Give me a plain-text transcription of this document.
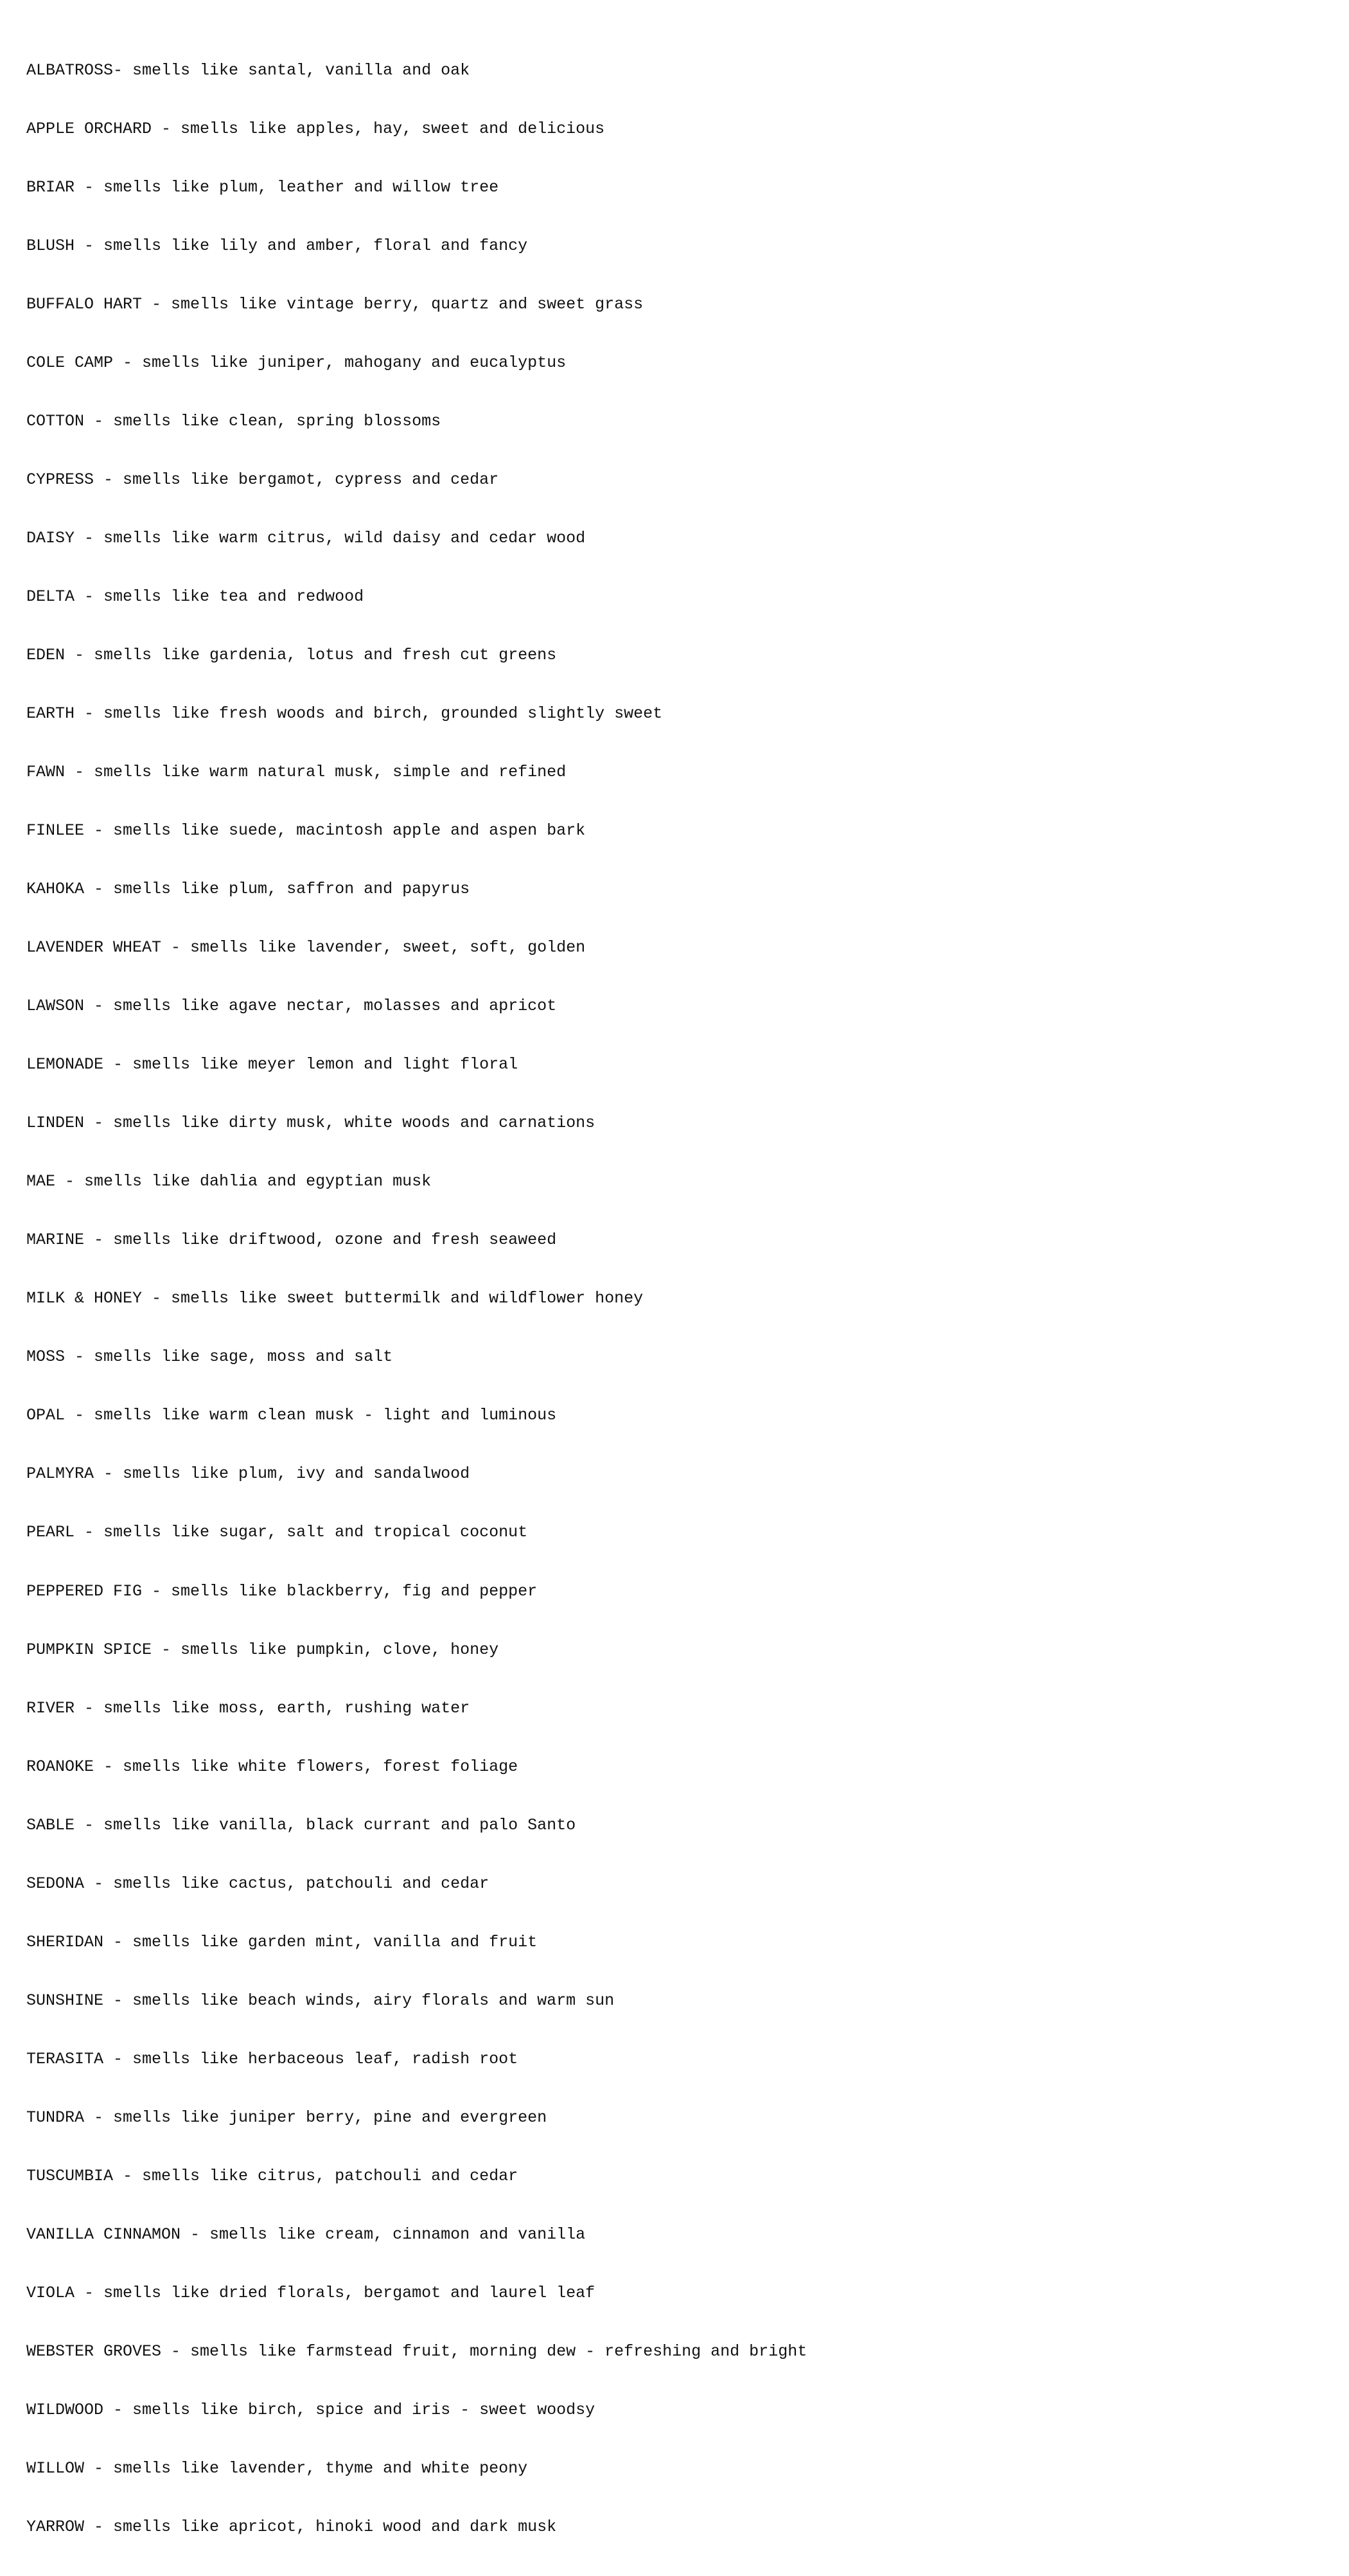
ALBATROSS- smells like santal, vanilla and oak

APPLE ORCHARD - smells like apples, hay, sweet and delicious

BRIAR - smells like plum, leather and willow tree

BLUSH - smells like lily and amber, floral and fancy

BUFFALO HART - smells like vintage berry, quartz and sweet grass

COLE CAMP - smells like juniper, mahogany and eucalyptus

COTTON - smells like clean, spring blossoms

CYPRESS - smells like bergamot, cypress and cedar

DAISY - smells like warm citrus, wild daisy and cedar wood

DELTA - smells like tea and redwood

EDEN - smells like gardenia, lotus and fresh cut greens

EARTH - smells like fresh woods and birch, grounded slightly sweet

FAWN - smells like warm natural musk, simple and refined

FINLEE - smells like suede, macintosh apple and aspen bark

KAHOKA - smells like plum, saffron and papyrus

LAVENDER WHEAT - smells like lavender, sweet, soft, golden

LAWSON - smells like agave nectar, molasses and apricot

LEMONADE - smells like meyer lemon and light floral

LINDEN - smells like dirty musk, white woods and carnations

MAE - smells like dahlia and egyptian musk

MARINE - smells like driftwood, ozone and fresh seaweed

MILK & HONEY - smells like sweet buttermilk and wildflower honey

MOSS - smells like sage, moss and salt

OPAL - smells like warm clean musk - light and luminous

PALMYRA - smells like plum, ivy and sandalwood

PEARL - smells like sugar, salt and tropical coconut

PEPPERED FIG - smells like blackberry, fig and pepper

PUMPKIN SPICE - smells like pumpkin, clove, honey

RIVER - smells like moss, earth, rushing water

ROANOKE - smells like white flowers, forest foliage

SABLE - smells like vanilla, black currant and palo Santo

SEDONA - smells like cactus, patchouli and cedar

SHERIDAN - smells like garden mint, vanilla and fruit

SUNSHINE - smells like beach winds, airy florals and warm sun

TERASITA - smells like herbaceous leaf, radish root

TUNDRA - smells like juniper berry, pine and evergreen

TUSCUMBIA - smells like citrus, patchouli and cedar

VANILLA CINNAMON - smells like cream, cinnamon and vanilla

VIOLA - smells like dried florals, bergamot and laurel leaf

WEBSTER GROVES - smells like farmstead fruit, morning dew - refreshing and bright

WILDWOOD - smells like birch, spice and iris - sweet woodsy

WILLOW - smells like lavender, thyme and white peony

YARROW - smells like apricot, hinoki wood and dark musk
